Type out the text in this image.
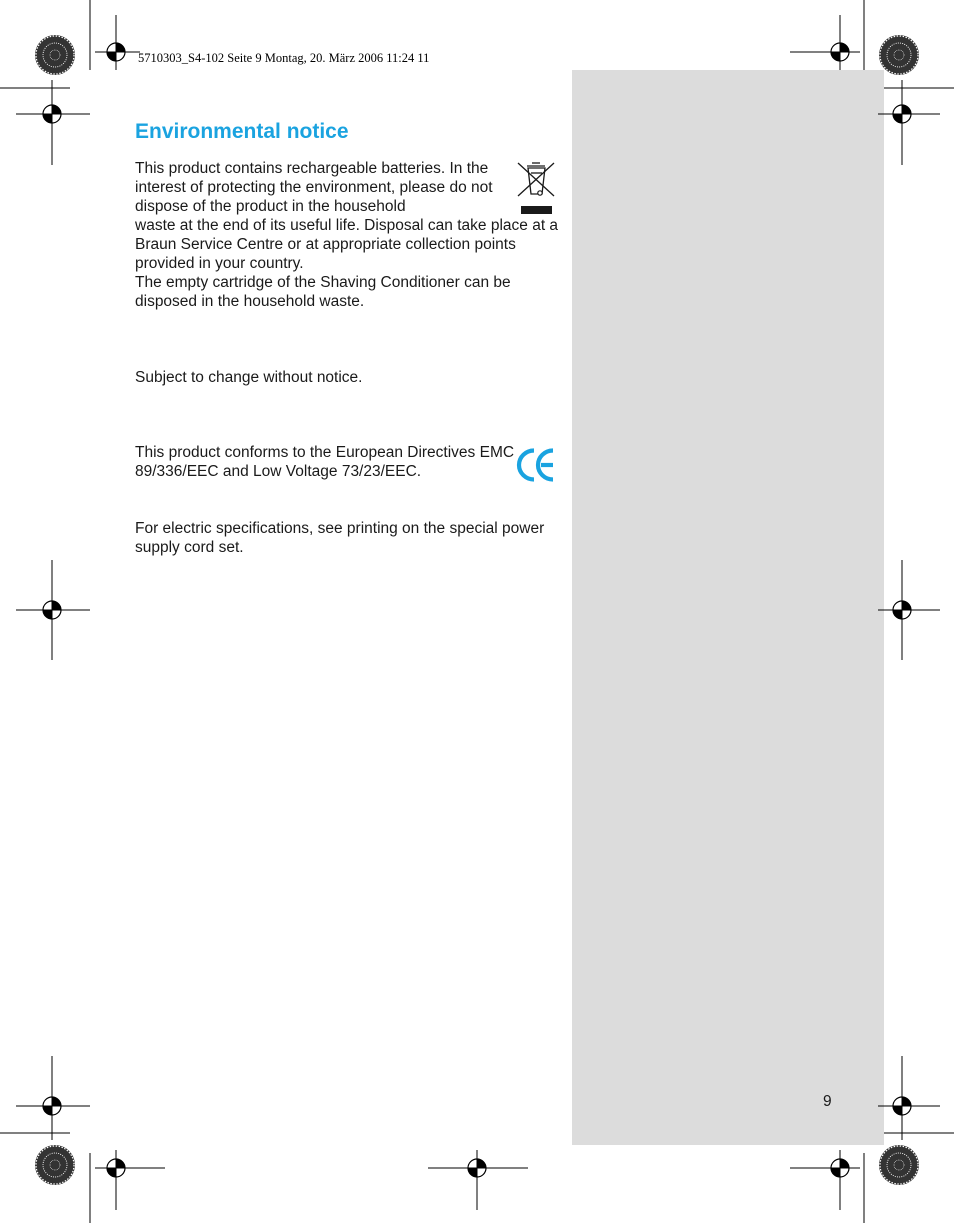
5710303_S4-102 Seite 9 Montag, 20. März 2006 11:24 11
Environmental notice
This product contains rechargeable batteries. In the interest of protecting the environment, please do not dispose of the product in the household
waste at the end of its useful life. Disposal can take place at a Braun Service Centre or at appropriate collection points provided in your country.
The empty cartridge of the Shaving Conditioner can be disposed in the household waste.
Subject to change without notice.
This product conforms to the European Directives EMC 89/336/EEC and Low Voltage 73/23/EEC.
For electric specifications, see printing on the special power supply cord set.
9
